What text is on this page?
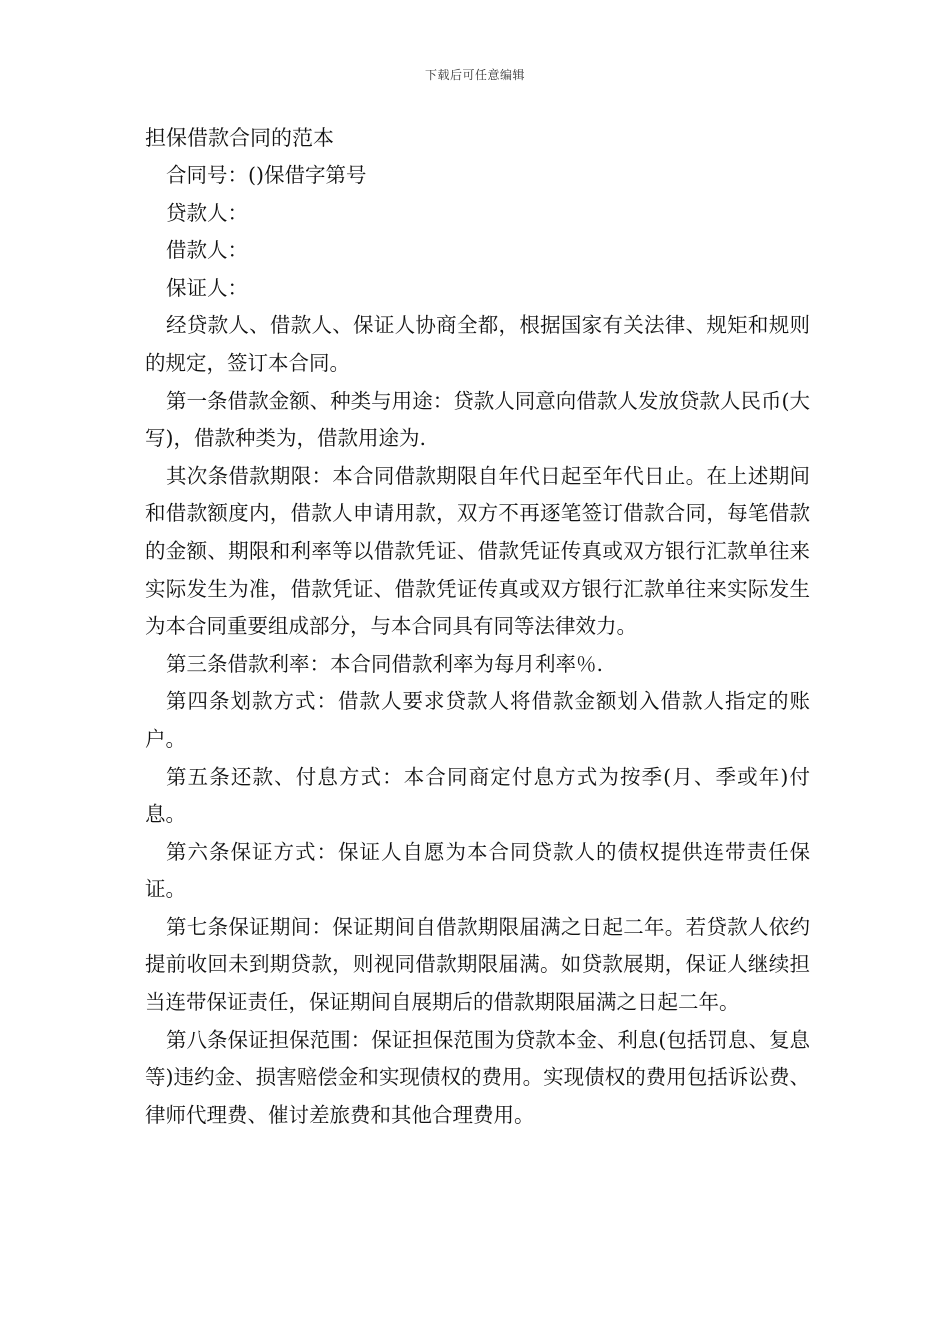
下载后可任意编辑
担保借款合同的范本

合同号：()保借字第号

贷款人：

借款人：

保证人：

经贷款人、借款人、保证人协商全都，根据国家有关法律、规矩和规则的规定，签订本合同。

第一条借款金额、种类与用途：贷款人同意向借款人发放贷款人民币(大写)，借款种类为，借款用途为.

其次条借款期限：本合同借款期限自年代日起至年代日止。在上述期间和借款额度内，借款人申请用款，双方不再逐笔签订借款合同，每笔借款的金额、期限和利率等以借款凭证、借款凭证传真或双方银行汇款单往来实际发生为准，借款凭证、借款凭证传真或双方银行汇款单往来实际发生为本合同重要组成部分，与本合同具有同等法律效力。

第三条借款利率：本合同借款利率为每月利率％.

第四条划款方式：借款人要求贷款人将借款金额划入借款人指定的账户。

第五条还款、付息方式：本合同商定付息方式为按季(月、季或年)付息。

第六条保证方式：保证人自愿为本合同贷款人的债权提供连带责任保证。

第七条保证期间：保证期间自借款期限届满之日起二年。若贷款人依约提前收回未到期贷款，则视同借款期限届满。如贷款展期，保证人继续担当连带保证责任，保证期间自展期后的借款期限届满之日起二年。

第八条保证担保范围：保证担保范围为贷款本金、利息(包括罚息、复息等)违约金、损害赔偿金和实现债权的费用。实现债权的费用包括诉讼费、律师代理费、催讨差旅费和其他合理费用。
